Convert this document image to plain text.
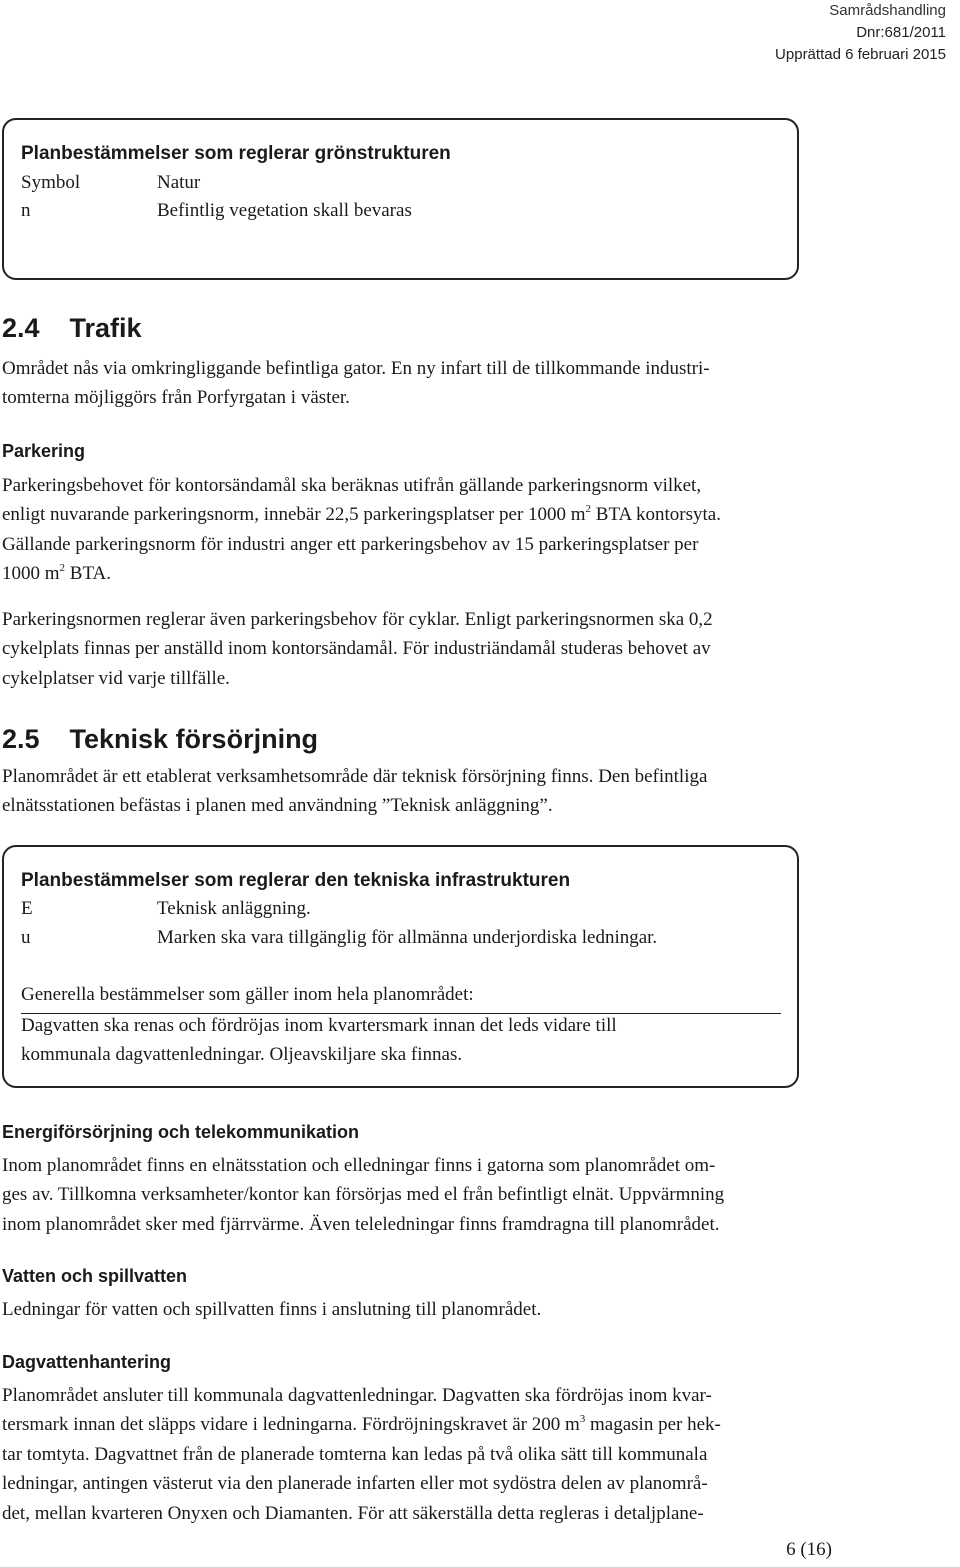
Samrådshandling
Dnr:681/2011
Upprättad 6 februari 2015
Planbestämmelser som reglerar grönstrukturen
Symbol	Natur
n	Befintlig vegetation skall bevaras
2.4 Trafik
Området nås via omkringliggande befintliga gator. En ny infart till de tillkommande industri-
tomterna möjliggörs från Porfyrgatan i väster.
Parkering
Parkeringsbehovet för kontorsändamål ska beräknas utifrån gällande parkeringsnorm vilket,
enligt nuvarande parkeringsnorm, innebär 22,5 parkeringsplatser per 1000 $m^2$ BTA kontorsyta.
Gällande parkeringsnorm för industri anger ett parkeringsbehov av 15 parkeringsplatser per
1000 $m^2$ BTA.
Parkeringsnormen reglerar även parkeringsbehov för cyklar. Enligt parkeringsnormen ska 0,2
cykelplats finnas per anställd inom kontorsändamål. För industriändamål studeras behovet av
cykelplatser vid varje tillfälle.
2.5 Teknisk försörjning
Planområdet är ett etablerat verksamhetsområde där teknisk försörjning finns. Den befintliga
elnätsstationen befästas i planen med användning ”Teknisk anläggning”.
Planbestämmelser som reglerar den tekniska infrastrukturen
E	Teknisk anläggning.
u	Marken ska vara tillgänglig för allmänna underjordiska ledningar.
Generella bestämmelser som gäller inom hela planområdet:
Dagvatten ska renas och fördröjas inom kvartersmark innan det leds vidare till
kommunala dagvattenledningar. Oljeavskiljare ska finnas.
Energiförsörjning och telekommunikation
Inom planområdet finns en elnätsstation och elledningar finns i gatorna som planområdet om-
ges av. Tillkomna verksamheter/kontor kan försörjas med el från befintligt elnät. Uppvärmning
inom planområdet sker med fjärrvärme. Även teleledningar finns framdragna till planområdet.
Vatten och spillvatten
Ledningar för vatten och spillvatten finns i anslutning till planområdet.
Dagvattenhantering
Planområdet ansluter till kommunala dagvattenledningar. Dagvatten ska fördröjas inom kvar-
tersmark innan det släpps vidare i ledningarna. Fördröjningskravet är 200 $m^3$ magasin per hek-
tar tomtyta. Dagvattnet från de planerade tomterna kan ledas på två olika sätt till kommunala
ledningar, antingen västerut via den planerade infarten eller mot sydöstra delen av planområ-
det, mellan kvarteren Onyxen och Diamanten. För att säkerställa detta regleras i detaljplane-
6 (16)
